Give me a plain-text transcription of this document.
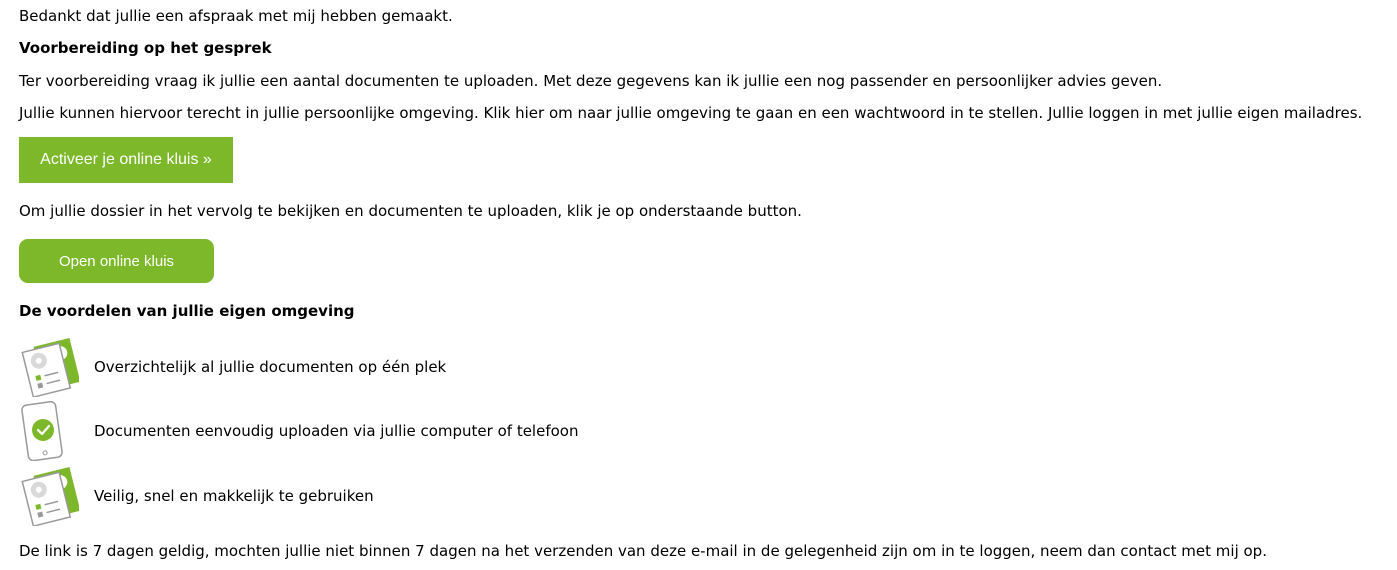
Bedankt dat jullie een afspraak met mij hebben gemaakt.

Voorbereiding op het gesprek

Ter voorbereiding vraag ik jullie een aantal documenten te uploaden. Met deze gegevens kan ik jullie een nog passender en persoonlijker advies geven.

Jullie kunnen hiervoor terecht in jullie persoonlijke omgeving. Klik hier om naar jullie omgeving te gaan en een wachtwoord in te stellen. Jullie loggen in met jullie eigen mailadres.

Activeer je online kluis »

Om jullie dossier in het vervolg te bekijken en documenten te uploaden, klik je op onderstaande button.

Open online kluis

De voordelen van jullie eigen omgeving

Overzichtelijk al jullie documenten op één plek
Documenten eenvoudig uploaden via jullie computer of telefoon
Veilig, snel en makkelijk te gebruiken

De link is 7 dagen geldig, mochten jullie niet binnen 7 dagen na het verzenden van deze e-mail in de gelegenheid zijn om in te loggen, neem dan contact met mij op.
